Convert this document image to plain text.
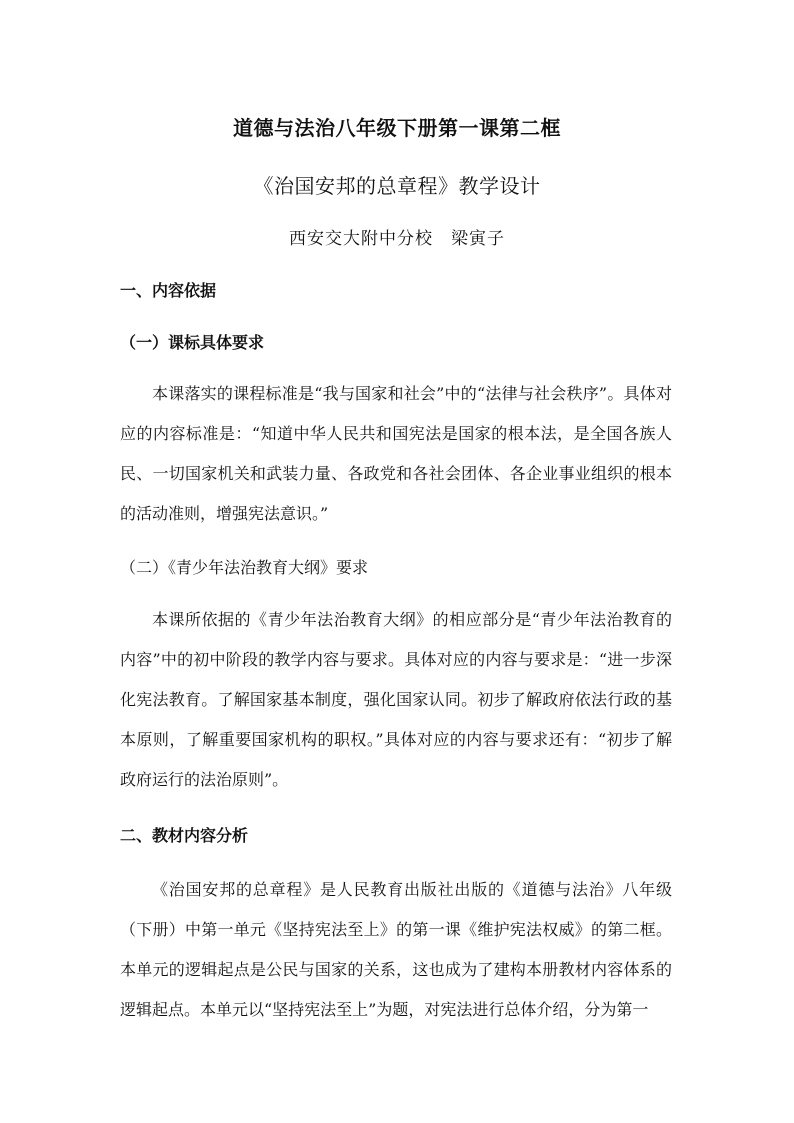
道德与法治八年级下册第一课第二框
《治国安邦的总章程》教学设计
西安交大附中分校　梁寅子
一、内容依据
（一）课标具体要求

本课落实的课程标准是“我与国家和社会”中的“法律与社会秩序”。具体对应的内容标准是：“知道中华人民共和国宪法是国家的根本法，是全国各族人民、一切国家机关和武装力量、各政党和各社会团体、各企业事业组织的根本的活动准则，增强宪法意识。”

（二）《青少年法治教育大纲》要求

本课所依据的《青少年法治教育大纲》的相应部分是“青少年法治教育的内容”中的初中阶段的教学内容与要求。具体对应的内容与要求是：“进一步深化宪法教育。了解国家基本制度，强化国家认同。初步了解政府依法行政的基本原则，了解重要国家机构的职权。”具体对应的内容与要求还有：“初步了解政府运行的法治原则”。

二、教材内容分析

《治国安邦的总章程》是人民教育出版社出版的《道德与法治》八年级（下册）中第一单元《坚持宪法至上》的第一课《维护宪法权威》的第二框。本单元的逻辑起点是公民与国家的关系，这也成为了建构本册教材内容体系的逻辑起点。本单元以“坚持宪法至上”为题，对宪法进行总体介绍，分为第一
